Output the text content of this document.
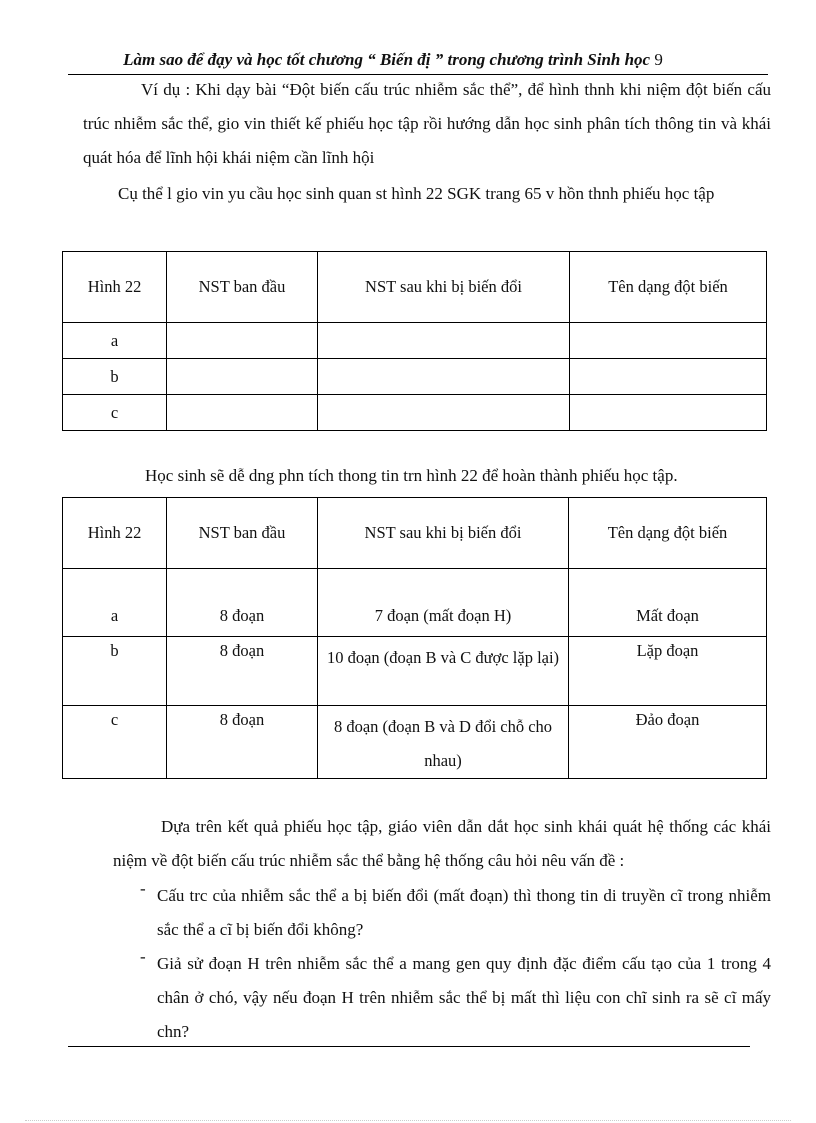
Làm sao để đạy và học tốt chương “ Biến đị ” trong chương trình Sinh học 9

Ví dụ : Khi dạy bài “Đột biến cấu trúc nhiễm sắc thể”, để hình thnh khi niệm đột biến cấu trúc nhiễm sắc thể, gio vin thiết kế phiếu học tập rồi hướng dẫn học sinh phân tích thông tin và khái quát hóa để lĩnh hội khái niệm cần lĩnh hội

Cụ thể l gio vin yu cầu học sinh quan st hình 22 SGK trang 65 v hồn thnh phiếu học tập

Hình 22	NST ban đầu	NST sau khi bị biến đổi	Tên dạng đột biến
a			
b			
c			

Học sinh sẽ dễ dng phn tích thong tin trn hình 22 để hoàn thành phiếu học tập.

Hình 22	NST ban đầu	NST sau khi bị biến đổi	Tên dạng đột biến
a	8 đoạn	7 đoạn (mất đoạn H)	Mất đoạn
b	8 đoạn	10 đoạn (đoạn B và C được lặp lại)	Lặp đoạn
c	8 đoạn	8 đoạn (đoạn B và D đổi chỗ cho nhau)	Đảo đoạn

Dựa trên kết quả phiếu học tập, giáo viên dẫn dắt học sinh khái quát hệ thống các khái niệm về đột biến cấu trúc nhiễm sắc thể bằng hệ thống câu hỏi nêu vấn đề :

- Cấu trc của nhiễm sắc thể a bị biến đổi (mất đoạn) thì thong tin di truyền cĩ trong nhiễm sắc thể a cĩ bị biến đổi không?

- Giả sử đoạn H trên nhiễm sắc thể a mang gen quy định đặc điểm cấu tạo của 1 trong 4 chân ở chó, vậy nếu đoạn H trên nhiễm sắc thể bị mất thì liệu con chĩ sinh ra sẽ cĩ mấy chn?
